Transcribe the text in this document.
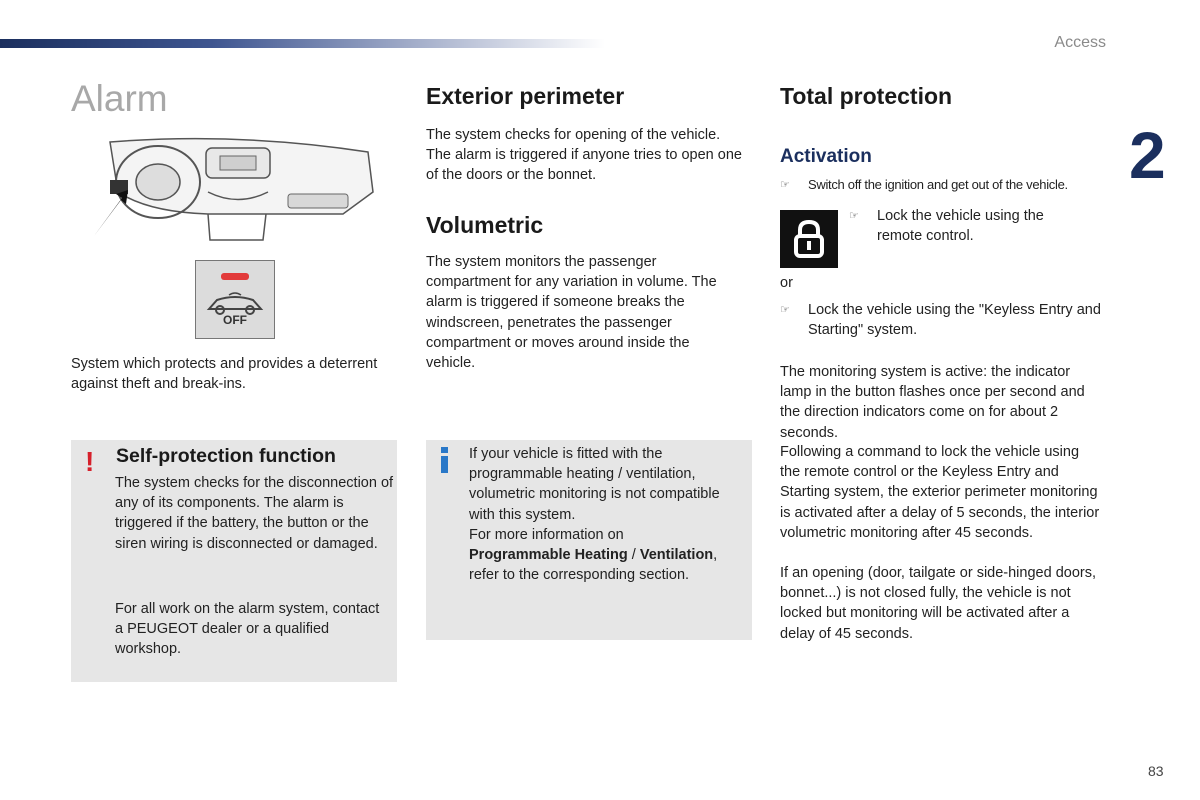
Access
2
83
Alarm
OFF
System which protects and provides a deterrent against theft and break-ins.
! Self-protection function
The system checks for the disconnection of any of its components. The alarm is triggered if the battery, the button or the siren wiring is disconnected or damaged.
For all work on the alarm system, contact a PEUGEOT dealer or a qualified workshop.
Exterior perimeter
The system checks for opening of the vehicle. The alarm is triggered if anyone tries to open one of the doors or the bonnet.
Volumetric
The system monitors the passenger compartment for any variation in volume. The alarm is triggered if someone breaks the windscreen, penetrates the passenger compartment or moves around inside the vehicle.
If your vehicle is fitted with the programmable heating / ventilation, volumetric monitoring is not compatible with this system.
For more information on
Programmable Heating / Ventilation, refer to the corresponding section.
Total protection
Activation
☞ Switch off the ignition and get out of the vehicle.
☞ Lock the vehicle using the remote control.
or
☞ Lock the vehicle using the "Keyless Entry and Starting" system.
The monitoring system is active: the indicator lamp in the button flashes once per second and the direction indicators come on for about 2 seconds.
Following a command to lock the vehicle using the remote control or the Keyless Entry and Starting system, the exterior perimeter monitoring is activated after a delay of 5 seconds, the interior volumetric monitoring after 45 seconds.
If an opening (door, tailgate or side-hinged doors, bonnet...) is not closed fully, the vehicle is not locked but monitoring will be activated after a delay of 45 seconds.
